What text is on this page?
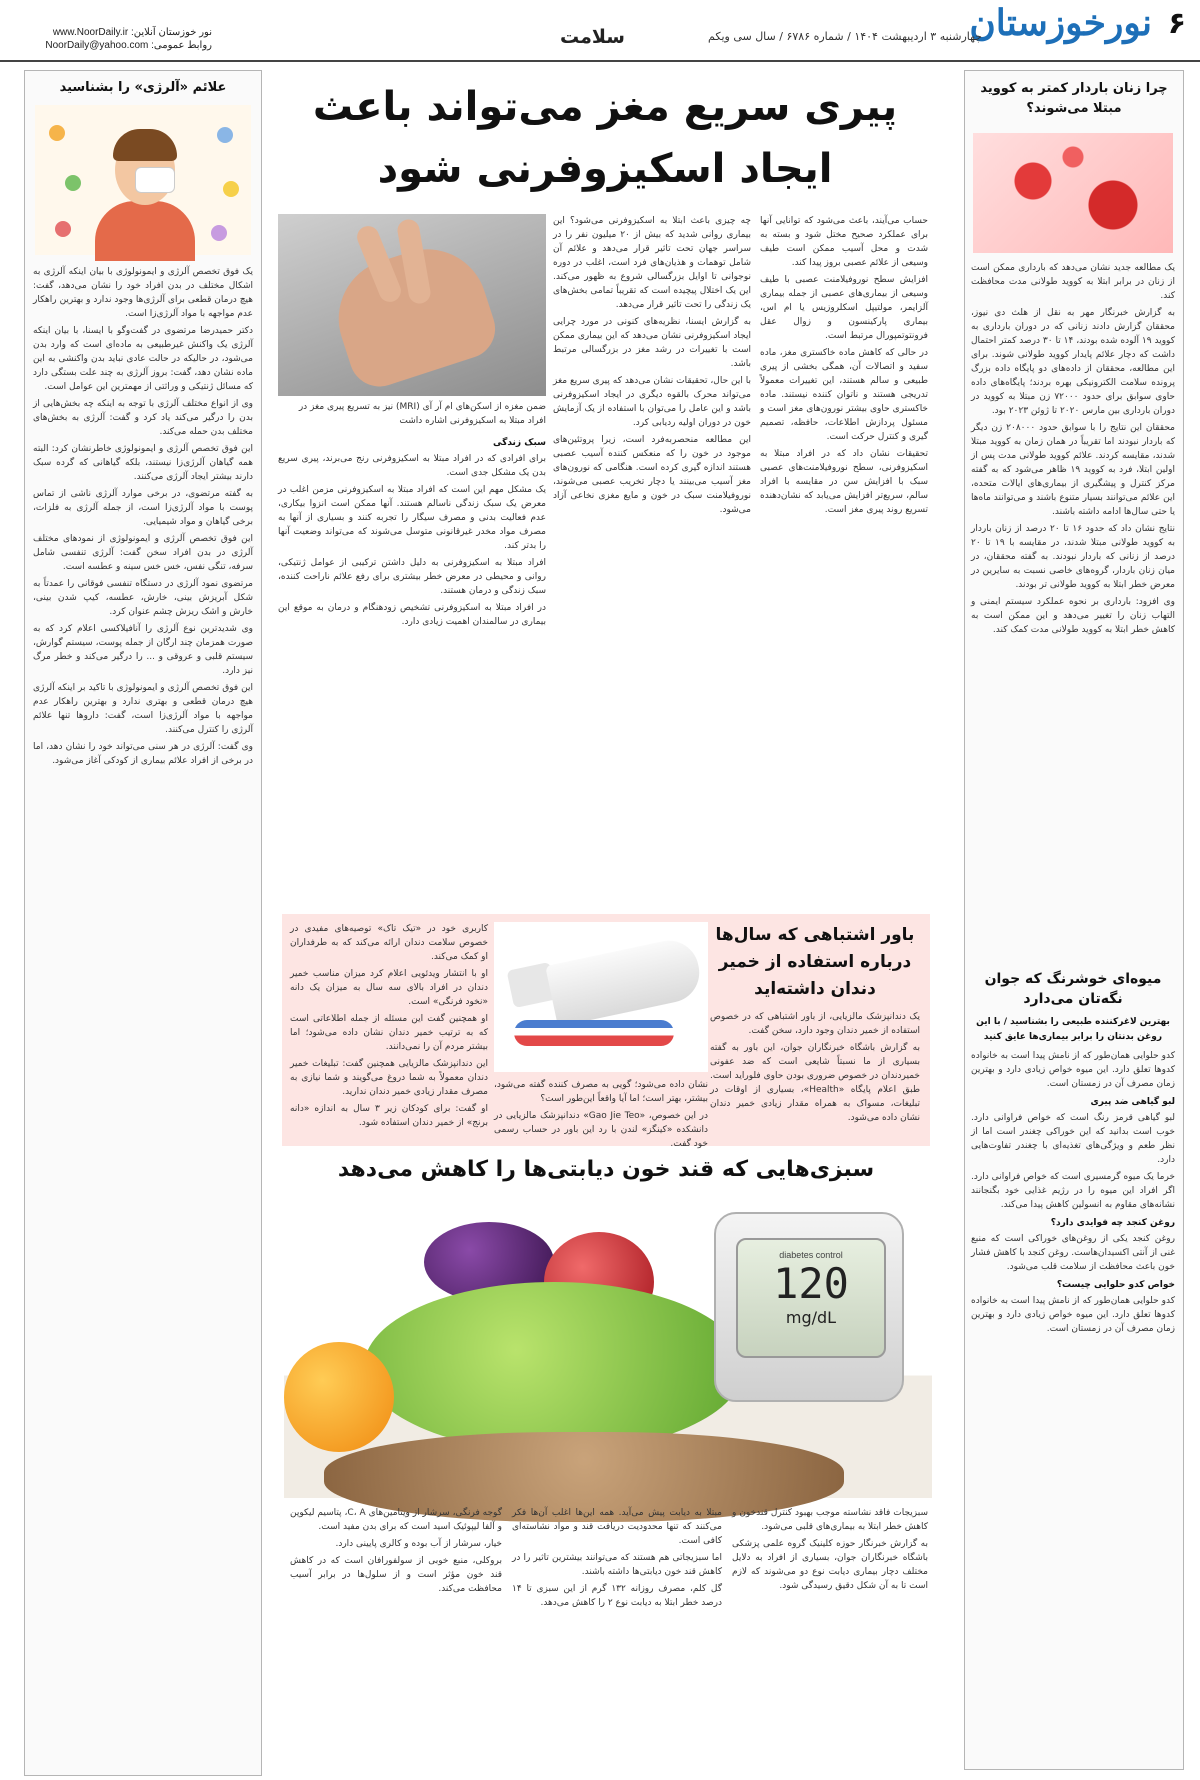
۶
نورخوزستان
چهارشنبه ۳ اردیبهشت ۱۴۰۴ / شماره ۶۷۸۶ / سال سی ویکم
سلامت
نور خوزستان آنلاین: www.NoorDaily.ir
روابط عمومی: NoorDaily@yahoo.com
چرا زنان باردار کمتر به کووید مبتلا می‌شوند؟

یک مطالعه جدید نشان می‌دهد که بارداری ممکن است از زنان در برابر ابتلا به کووید طولانی مدت محافظت کند.

به گزارش خبرنگار مهر به نقل از هلث دی نیوز، محققان گزارش دادند زنانی که در دوران بارداری به کووید ۱۹ آلوده شده بودند، ۱۴ تا ۳۰ درصد کمتر احتمال داشت که دچار علائم پایدار کووید طولانی شوند. برای این مطالعه، محققان از داده‌های دو پایگاه داده بزرگ پرونده سلامت الکترونیکی بهره بردند؛ پایگاه‌های داده حاوی سوابق برای حدود ۷۲۰۰۰ زن مبتلا به کووید در دوران بارداری بین مارس ۲۰۲۰ تا ژوئن ۲۰۲۳ بود.

محققان این نتایج را با سوابق حدود ۲۰۸۰۰۰ زن دیگر که باردار نبودند اما تقریباً در همان زمان به کووید مبتلا شدند، مقایسه کردند. علائم کووید طولانی مدت پس از اولین ابتلا، فرد به کووید ۱۹ ظاهر می‌شود که به گفته مرکز کنترل و پیشگیری از بیماری‌های ایالات متحده، این علائم می‌توانند بسیار متنوع باشند و می‌توانند ماه‌ها یا حتی سال‌ها ادامه داشته باشند.

نتایج نشان داد که حدود ۱۶ تا ۲۰ درصد از زنان باردار به کووید طولانی مبتلا شدند، در مقایسه با ۱۹ تا ۲۰ درصد از زنانی که باردار نبودند. به گفته محققان، در میان زنان باردار، گروه‌های خاصی نسبت به سایرین در معرض خطر ابتلا به کووید طولانی تر بودند.

وی افزود: بارداری بر نحوه عملکرد سیستم ایمنی و التهاب زنان را تغییر می‌دهد و این ممکن است به کاهش خطر ابتلا به کووید طولانی مدت کمک کند.

میوه‌ای خوشرنگ که جوان نگه‌تان می‌دارد
بهترین لاغرکننده طبیعی را بشناسید / با این روغن بدنتان را برابر بیماری‌ها عایق کنید

کدو حلوایی همان‌طور که از نامش پیدا است به خانواده کدوها تعلق دارد. این میوه خواص زیادی دارد و بهترین زمان مصرف آن در زمستان است.

لبو گیاهی ضد پیری

لبو گیاهی قرمز رنگ است که خواص فراوانی دارد. خوب است بدانید که این خوراکی چغندر است اما از نظر طعم و ویژگی‌های تغذیه‌ای با چغندر تفاوت‌هایی دارد.

خرما یک میوه گرمسیری است که خواص فراوانی دارد. اگر افراد این میوه را در رژیم غذایی خود بگنجانند نشانه‌های مقاوم به انسولین کاهش پیدا می‌کند.

روغن کنجد چه فوایدی دارد؟

روغن کنجد یکی از روغن‌های خوراکی است که منبع غنی از آنتی اکسیدان‌هاست. روغن کنجد با کاهش فشار خون باعث محافظت از سلامت قلب می‌شود.

خواص کدو حلوایی چیست؟

کدو حلوایی همان‌طور که از نامش پیدا است به خانواده کدوها تعلق دارد. این میوه خواص زیادی دارد و بهترین زمان مصرف آن در زمستان است.

پیری سریع مغز می‌تواند باعث ایجاد اسکیزوفرنی شود

چه چیزی باعث ابتلا به اسکیزوفرنی می‌شود؟ این بیماری روانی شدید که بیش از ۲۰ میلیون نفر را در سراسر جهان تحت تاثیر قرار می‌دهد و علائم آن شامل توهمات و هذیان‌های فرد است، اغلب در دوره نوجوانی تا اوایل بزرگسالی شروع به ظهور می‌کند. این یک اختلال پیچیده است که تقریباً تمامی بخش‌های یک زندگی را تحت تاثیر قرار می‌دهد.

به گزارش ایسنا، نظریه‌های کنونی در مورد چرایی ایجاد اسکیزوفرنی نشان می‌دهد که این بیماری ممکن است با تغییرات در رشد مغز در بزرگسالی مرتبط باشد.

با این حال، تحقیقات نشان می‌دهد که پیری سریع مغز می‌تواند محرک بالقوه دیگری در ایجاد اسکیزوفرنی باشد و این عامل را می‌توان با استفاده از یک آزمایش خون در دوران اولیه ردیابی کرد.

این مطالعه منحصربه‌فرد است، زیرا پروتئین‌های موجود در خون را که منعکس کننده آسیب عصبی هستند اندازه گیری کرده است. هنگامی که نورون‌های مغز آسیب می‌بینند یا دچار تخریب عصبی می‌شوند، نوروفیلامنت سبک در خون و مایع مغزی نخاعی آزاد می‌شود.

حساب می‌آیند، باعث می‌شود که توانایی آنها برای عملکرد صحیح مختل شود و بسته به شدت و محل آسیب ممکن است طیف وسیعی از علائم عصبی بروز پیدا کند.

افزایش سطح نوروفیلامنت عصبی با طیف وسیعی از بیماری‌های عصبی از جمله بیماری آلزایمر، مولتیپل اسکلروزیس یا ام اس، بیماری پارکینسون و زوال عقل فرونتوتمپورال مرتبط است.

در حالی که کاهش ماده خاکستری مغز، ماده سفید و اتصالات آن، همگی بخشی از پیری طبیعی و سالم هستند، این تغییرات معمولاً تدریجی هستند و ناتوان کننده نیستند. ماده خاکستری حاوی بیشتر نورون‌های مغز است و مسئول پردازش اطلاعات، حافظه، تصمیم گیری و کنترل حرکت است.

تحقیقات نشان داد که در افراد مبتلا به اسکیزوفرنی، سطح نوروفیلامنت‌های عصبی سبک با افزایش سن در مقایسه با افراد سالم، سریع‌تر افزایش می‌یابد که نشان‌دهنده تسریع روند پیری مغز است.

ضمن مغزه از اسکن‌های ام آر آی (MRI) نیز به تسریع پیری مغز در افراد مبتلا به اسکیزوفرنی اشاره داشت
سبک زندگی

برای افرادی که در افراد مبتلا به اسکیزوفرنی رنج می‌برند، پیری سریع بدن یک مشکل جدی است.

یک مشکل مهم این است که افراد مبتلا به اسکیزوفرنی مزمن اغلب در معرض یک سبک زندگی ناسالم هستند. آنها ممکن است انزوا بیکاری، عدم فعالیت بدنی و مصرف سیگار را تجربه کنند و بسیاری از آنها به مصرف مواد مخدر غیرقانونی متوسل می‌شوند که می‌تواند وضعیت آنها را بدتر کند.

افراد مبتلا به اسکیزوفرنی به دلیل داشتن ترکیبی از عوامل ژنتیکی، روانی و محیطی در معرض خطر بیشتری برای رفع علائم ناراحت کننده، سبک زندگی و درمان هستند.

در افراد مبتلا به اسکیزوفرنی تشخیص زودهنگام و درمان به موقع این بیماری در سالمندان اهمیت زیادی دارد.

باور اشتباهی که سال‌ها درباره استفاده از خمیر دندان داشته‌اید

یک دندانپزشک مالزیایی، از باور اشتباهی که در خصوص استفاده از خمیر دندان وجود دارد، سخن گفت.

به گزارش باشگاه خبرنگاران جوان، این باور به گفته بسیاری از ما نسبتاً شایعی است که ضد عفونی خمیردندان در خصوص ضروری بودن حاوی فلوراید است. طبق اعلام پایگاه «Health»، بسیاری از اوقات در تبلیغات، مسواک به همراه مقدار زیادی خمیر دندان نشان داده می‌شود.

نشان داده می‌شود؛ گویی به مصرف کننده گفته می‌شود، بیشتر، بهتر است؛ اما آیا واقعاً این‌طور است؟

در این خصوص، «Gao Jie Teo» دندانپزشک مالزیایی در دانشکده «کینگز» لندن با رد این باور در حساب رسمی خود گفت.

کاربری خود در «تیک تاک» توصیه‌های مفیدی در خصوص سلامت دندان ارائه می‌کند که به طرفداران او کمک می‌کند.

او با انتشار ویدئویی اعلام کرد میزان مناسب خمیر دندان در افراد بالای سه سال به میزان یک دانه «نخود فرنگی» است.

او همچنین گفت این مسئله از جمله اطلاعاتی است که به ترتیب خمیر دندان نشان داده می‌شود؛ اما بیشتر مردم آن را نمی‌دانند.

این دندانپزشک مالزیایی همچنین گفت: تبلیغات خمیر دندان معمولاً به شما دروغ می‌گویند و شما نیازی به مصرف مقدار زیادی خمیر دندان ندارید.

او گفت: برای کودکان زیر ۳ سال به اندازه «دانه برنج» از خمیر دندان استفاده شود.

سبزی‌هایی که قند خون دیابتی‌ها را کاهش می‌دهد
diabetes control
120
mg/dL

سبزیجات فاقد نشاسته موجب بهبود کنترل قندخون و کاهش خطر ابتلا به بیماری‌های قلبی می‌شود.

به گزارش خبرنگار حوزه کلینیک گروه علمی پزشکی باشگاه خبرنگاران جوان، بسیاری از افراد به دلایل مختلف دچار بیماری دیابت نوع دو می‌شوند که لازم است تا به آن شکل دقیق رسیدگی شود.

مبتلا به دیابت پیش می‌آید. همه این‌ها اغلب آن‌ها فکر می‌کنند که تنها محدودیت دریافت قند و مواد نشاسته‌ای کافی است.

اما سبزیجاتی هم هستند که می‌توانند بیشترین تاثیر را در کاهش قند خون دیابتی‌ها داشته باشند.

گل کلم، مصرف روزانه ۱۳۲ گرم از این سبزی تا ۱۴ درصد خطر ابتلا به دیابت نوع ۲ را کاهش می‌دهد.

گوجه فرنگی، سرشار از ویتامین‌های C، A، پتاسیم لیکوپن و آلفا لیپوئیک اسید است که برای بدن مفید است.

خیار، سرشار از آب بوده و کالری پایینی دارد.

بروکلی، منبع خوبی از سولفورافان است که در کاهش قند خون مؤثر است و از سلول‌ها در برابر آسیب محافظت می‌کند.

علائم «آلرژی» را بشناسید

یک فوق تخصص آلرژی و ایمونولوژی با بیان اینکه آلرژی به اشکال مختلف در بدن افراد خود را نشان می‌دهد، گفت: هیچ درمان قطعی برای آلرژی‌ها وجود ندارد و بهترین راهکار عدم مواجهه با مواد آلرژی‌زا است.

دکتر حمیدرضا مرتضوی در گفت‌وگو با ایسنا، با بیان اینکه آلرژی یک واکنش غیرطبیعی به ماده‌ای است که وارد بدن می‌شود، در حالیکه در حالت عادی نباید بدن واکنشی به این ماده نشان دهد، گفت: بروز آلرژی به چند علت بستگی دارد که مسائل ژنتیکی و وراثتی از مهمترین این عوامل است.

وی از انواع مختلف آلرژی با توجه به اینکه چه بخش‌هایی از بدن را درگیر می‌کند یاد کرد و گفت: آلرژی به بخش‌های مختلف بدن حمله می‌کند.

این فوق تخصص آلرژی و ایمونولوژی خاطرنشان کرد: البته همه گیاهان آلرژی‌زا نیستند، بلکه گیاهانی که گرده سبک دارند بیشتر ایجاد آلرژی می‌کنند.

به گفته مرتضوی، در برخی موارد آلرژی ناشی از تماس پوست با مواد آلرژی‌زا است، از جمله آلرژی به فلزات، برخی گیاهان و مواد شیمیایی.

این فوق تخصص آلرژی و ایمونولوژی از نمودهای مختلف آلرژی در بدن افراد سخن گفت: آلرژی تنفسی شامل سرفه، تنگی نفس، خس خس سینه و عطسه است.

مرتضوی نمود آلرژی در دستگاه تنفسی فوقانی را عمدتاً به شکل آبریزش بینی، خارش، عطسه، کیپ شدن بینی، خارش و اشک ریزش چشم عنوان کرد.

وی شدیدترین نوع آلرژی را آنافیلاکسی اعلام کرد که به صورت همزمان چند ارگان از جمله پوست، سیستم گوارش، سیستم قلبی و عروقی و ... را درگیر می‌کند و خطر مرگ نیز دارد.

این فوق تخصص آلرژی و ایمونولوژی با تاکید بر اینکه آلرژی هیچ درمان قطعی و بهتری ندارد و بهترین راهکار عدم مواجهه با مواد آلرژی‌زا است، گفت: داروها تنها علائم آلرژی را کنترل می‌کنند.

وی گفت: آلرژی در هر سنی می‌تواند خود را نشان دهد، اما در برخی از افراد علائم بیماری از کودکی آغاز می‌شود.
